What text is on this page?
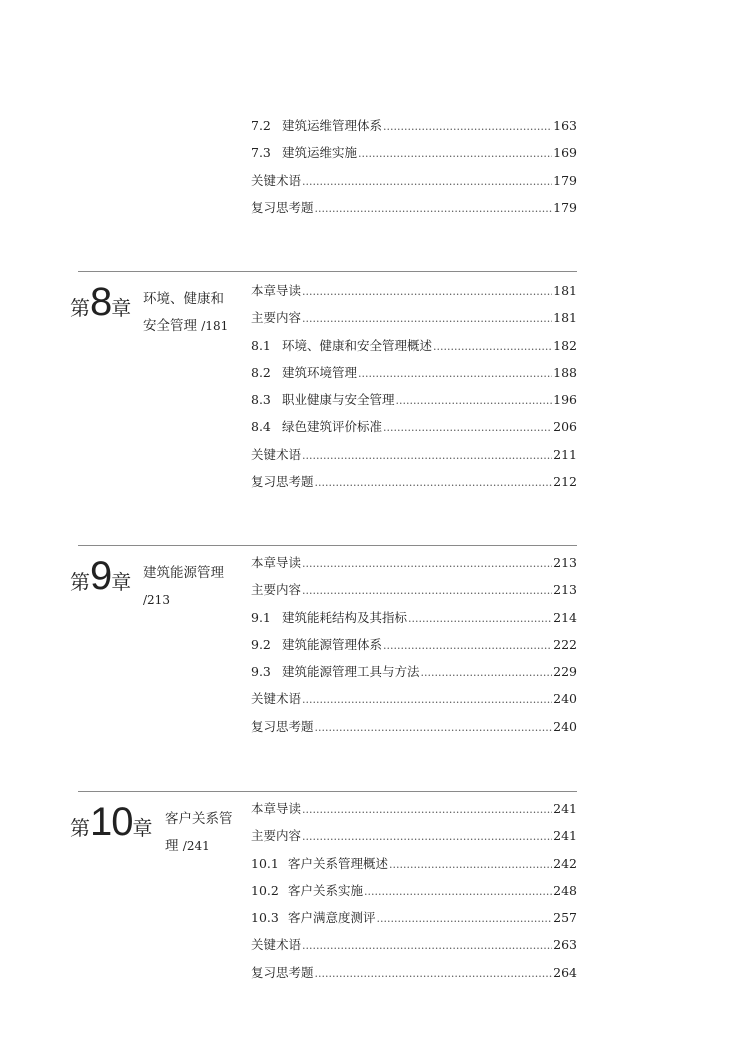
7.2 建筑运维管理体系 .....	163
7.3 建筑运维实施 .....	169
关键术语 .....	179
复习思考题 .....	179
第8章 环境、健康和
安全管理 /181
本章导读 .....	181
主要内容 .....	181
8.1 环境、健康和安全管理概述 .....	182
8.2 建筑环境管理 .....	188
8.3 职业健康与安全管理 .....	196
8.4 绿色建筑评价标准 .....	206
关键术语 .....	211
复习思考题 .....	212
第9章 建筑能源管理
/213
本章导读 .....	213
主要内容 .....	213
9.1 建筑能耗结构及其指标 .....	214
9.2 建筑能源管理体系 .....	222
9.3 建筑能源管理工具与方法 .....	229
关键术语 .....	240
复习思考题 .....	240
第10章 客户关系管
理 /241
本章导读 .....	241
主要内容 .....	241
10.1 客户关系管理概述 .....	242
10.2 客户关系实施 .....	248
10.3 客户满意度测评 .....	257
关键术语 .....	263
复习思考题 .....	264
